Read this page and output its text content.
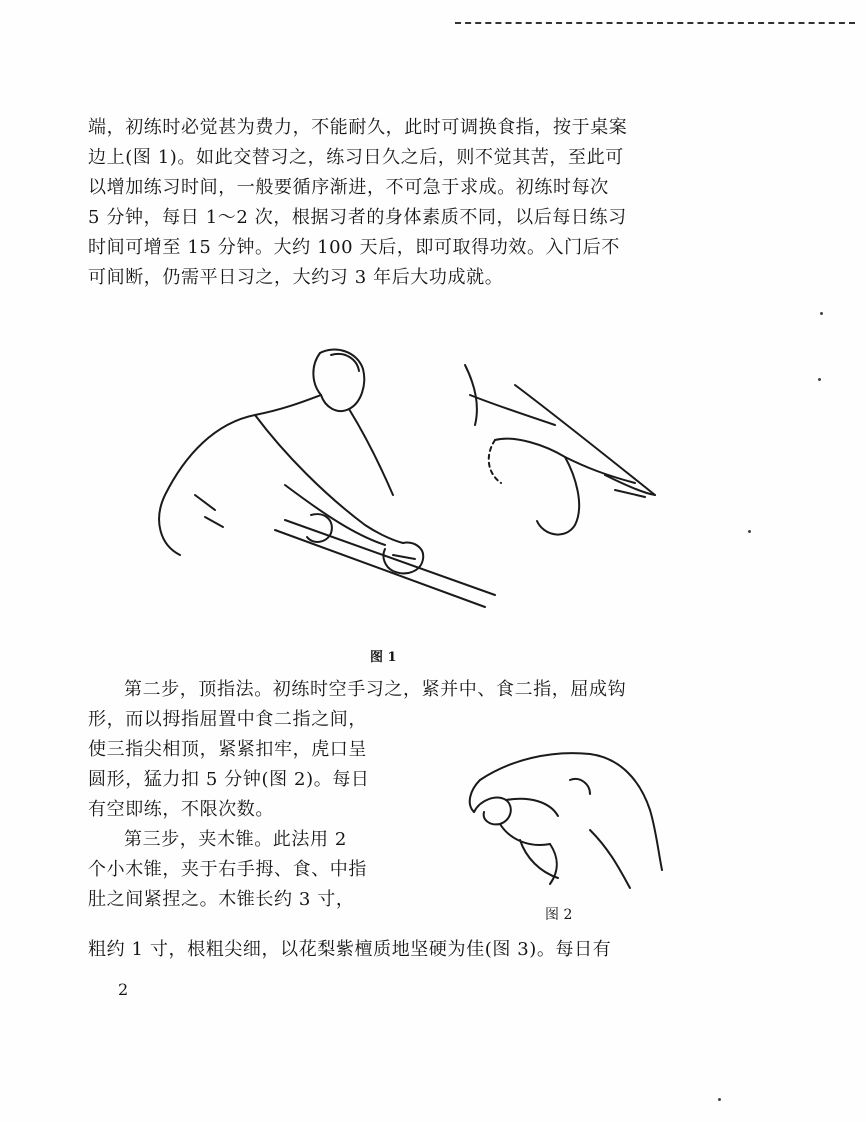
端，初练时必觉甚为费力，不能耐久，此时可调换食指，按于桌案
边上(图 1)。如此交替习之，练习日久之后，则不觉其苦，至此可
以增加练习时间，一般要循序渐进，不可急于求成。初练时每次
5 分钟，每日 1～2 次，根据习者的身体素质不同，以后每日练习
时间可增至 15 分钟。大约 100 天后，即可取得功效。入门后不
可间断，仍需平日习之，大约习 3 年后大功成就。
图 1
第二步，顶指法。初练时空手习之，紧并中、食二指，屈成钩
形，而以拇指屈置中食二指之间，
使三指尖相顶，紧紧扣牢，虎口呈
圆形，猛力扣 5 分钟(图 2)。每日
有空即练，不限次数。
第三步，夹木锥。此法用 2
个小木锥，夹于右手拇、食、中指
肚之间紧捏之。木锥长约 3 寸，
图 2
粗约 1 寸，根粗尖细，以花梨紫檀质地坚硬为佳(图 3)。每日有
2
